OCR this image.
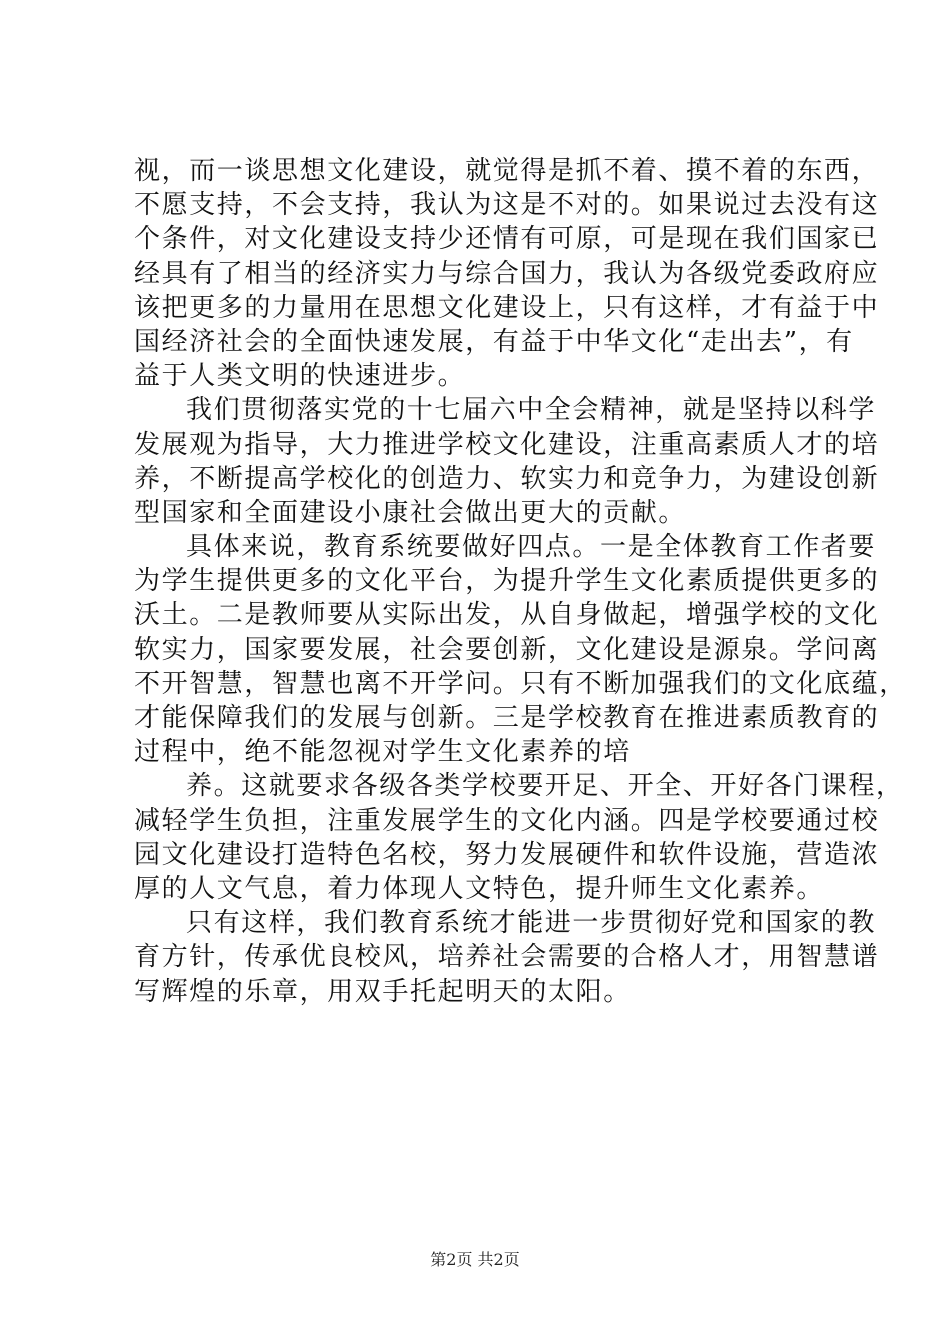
视，而一谈思想文化建设，就觉得是抓不着、摸不着的东西，
不愿支持，不会支持，我认为这是不对的。如果说过去没有这
个条件，对文化建设支持少还情有可原，可是现在我们国家已
经具有了相当的经济实力与综合国力，我认为各级党委政府应
该把更多的力量用在思想文化建设上，只有这样，才有益于中
国经济社会的全面快速发展，有益于中华文化“走出去”，有
益于人类文明的快速进步。
我们贯彻落实党的十七届六中全会精神，就是坚持以科学
发展观为指导，大力推进学校文化建设，注重高素质人才的培
养，不断提高学校化的创造力、软实力和竞争力，为建设创新
型国家和全面建设小康社会做出更大的贡献。
具体来说，教育系统要做好四点。一是全体教育工作者要
为学生提供更多的文化平台，为提升学生文化素质提供更多的
沃土。二是教师要从实际出发，从自身做起，增强学校的文化
软实力，国家要发展，社会要创新，文化建设是源泉。学问离
不开智慧，智慧也离不开学问。只有不断加强我们的文化底蕴，
才能保障我们的发展与创新。三是学校教育在推进素质教育的
过程中，绝不能忽视对学生文化素养的培
养。这就要求各级各类学校要开足、开全、开好各门课程，
减轻学生负担，注重发展学生的文化内涵。四是学校要通过校
园文化建设打造特色名校，努力发展硬件和软件设施，营造浓
厚的人文气息，着力体现人文特色，提升师生文化素养。
只有这样，我们教育系统才能进一步贯彻好党和国家的教
育方针，传承优良校风，培养社会需要的合格人才，用智慧谱
写辉煌的乐章，用双手托起明天的太阳。
第2页 共2页
